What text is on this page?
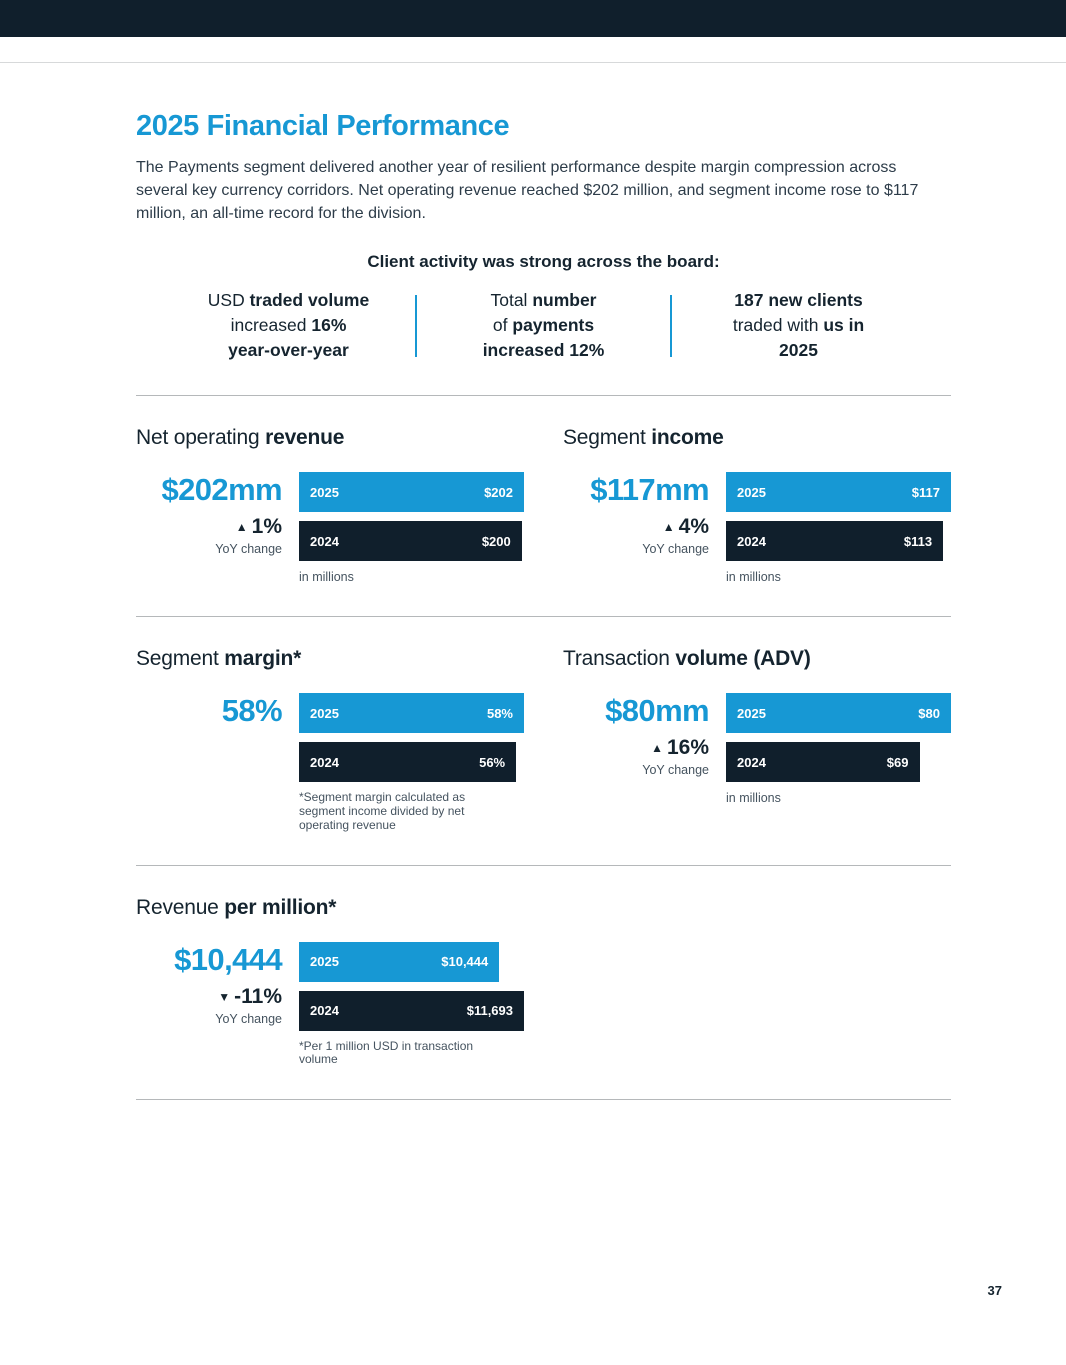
2025 Financial Performance

The Payments segment delivered another year of resilient performance despite margin compression across several key currency corridors. Net operating revenue reached $202 million, and segment income rose to $117 million, an all-time record for the division.

Client activity was strong across the board:

USD traded volume
increased 16%
year-over-year
Total number
of payments
increased 12%
187 new clients
traded with us in
2025
Net operating revenue
$202mm
▲ 1%
YoY change
2025	$202
2024	$200
in millions
Segment income
$117mm
▲ 4%
YoY change
2025	$117
2024	$113
in millions
Segment margin*
58% 2025	58%
2024	56%
*Segment margin calculated as segment income divided by net operating revenue
Transaction volume (ADV)
$80mm
▲ 16%
YoY change
2025	$80
2024	$69
in millions
Revenue per million*
$10,444
▼ -11%
YoY change
2025	$10,444
2024	$11,693
*Per 1 million USD in transaction volume
37
